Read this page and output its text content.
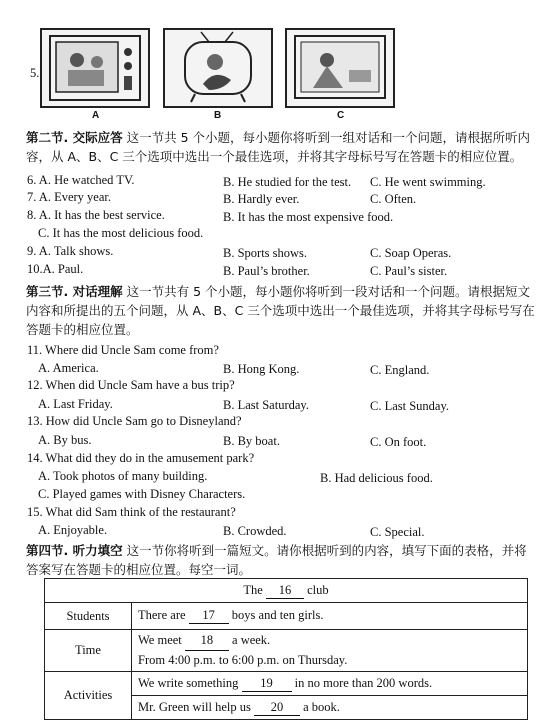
5.
A	B	C
第二节. 交际应答 这一节共 5 个小题，每小题你将听到一组对话和一个问题，请根据所听内
容，从 A、B、C 三个选项中选出一个最佳选项，并将其字母标号写在答题卡的相应位置。
6. A. He watched TV.	B. He studied for the test. C. He went swimming.
7. A. Every year.	B. Hardly ever.	C. Often.
8. A. It has the best service.	B. It has the most expensive food.
C. It has the most delicious food.
9. A. Talk shows.	B. Sports shows.	C. Soap Operas.
10.A. Paul.	B. Paul’s brother.	C. Paul’s sister.
第三节. 对话理解 这一节共有 5 个小题，每小题你将听到一段对话和一个问题。请根据短文
内容和所提出的五个问题，从 A、B、C 三个选项中选出一个最佳选项，并将其字母标号写在
答题卡的相应位置。
11. Where did Uncle Sam come from?
A. America.	B. Hong Kong.	C. England.
12. When did Uncle Sam have a bus trip?
A. Last Friday.	B. Last Saturday.	C. Last Sunday.
13. How did Uncle Sam go to Disneyland?
A. By bus.	B. By boat.	C. On foot.
14. What did they do in the amusement park?
A. Took photos of many building.	B. Had delicious food.
C. Played games with Disney Characters.
15. What did Sam think of the restaurant?
A. Enjoyable.	B. Crowded.	C. Special.
第四节. 听力填空 这一节你将听到一篇短文。请你根据听到的内容，填写下面的表格，并将
答案写在答题卡的相应位置。每空一词。
The 16 club	
Students	There are 17 boys and ten girls.
Time	We meet 18 a week.
From 4:00 p.m. to 6:00 p.m. on Thursday.
Activities	We write something 19 in no more than 200 words.
	Mr. Green will help us 20 a book.
